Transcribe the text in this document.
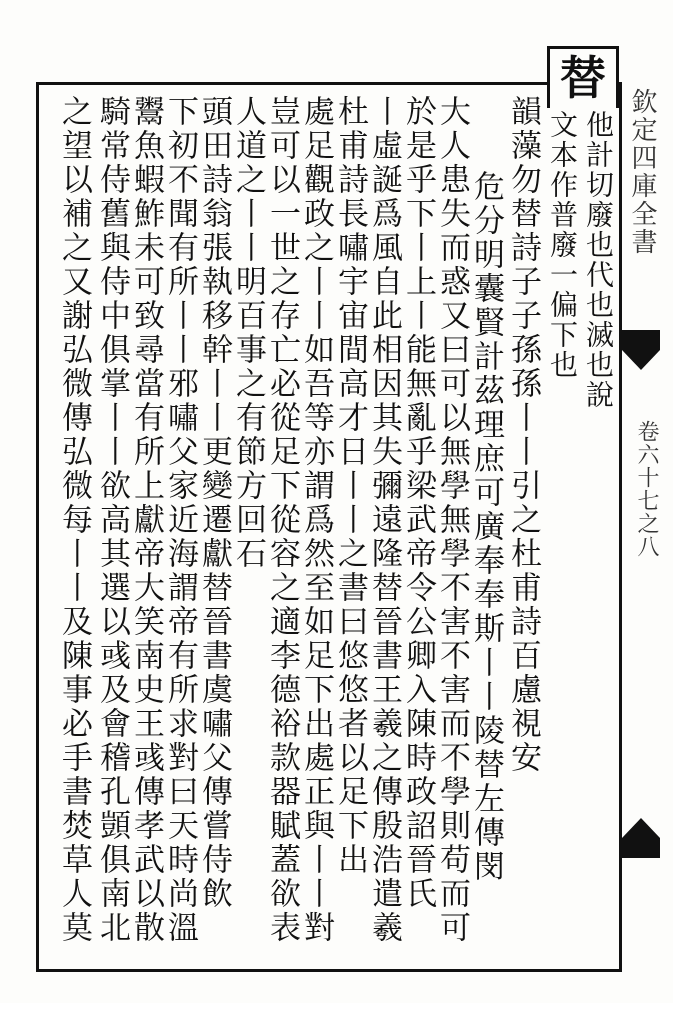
替
欽定四庫全書
卷六十七之八
他計切廢也代也滅也說
文本作普廢一偏下也
韻藻勿替詩子子孫孫丨丨引之杜甫詩百慮視安
危分明囊賢計茲理庶可廣奉奉斯丨丨陵替左傳閔
大人患失而惑又曰可以無學無學不害不害而不學則苟而可
於是乎下丨上丨能無亂乎梁武帝令公卿入陳時政詔晉氏
丨虛誕爲風自此相因其失彌遠隆替晉書王羲之傳殷浩遣羲
杜甫詩長嘯宇宙間高才日丨丨之書曰悠悠者以足下出
處足觀政之丨丨如吾等亦謂爲然至如足下出處正與丨丨對
豈可以一世之存亡必從足下從容之適李德裕款器賦蓋欲表
人道之丨丨明百事之有節方回石
頭田詩翁張執移幹丨丨更變遷獻替晉書虞嘯父傳嘗侍飲
下初不聞有所丨丨邪嘯父家近海謂帝有所求對曰天時尚溫
鬻魚蝦鮓未可致尋當有所上獻帝大笑南史王彧傳孝武以散
騎常侍舊與侍中俱掌丨丨欲高其選以彧及會稽孔顗俱南北
之望以補之又謝弘微傳弘微每丨丨及陳事必手書焚草人莫
